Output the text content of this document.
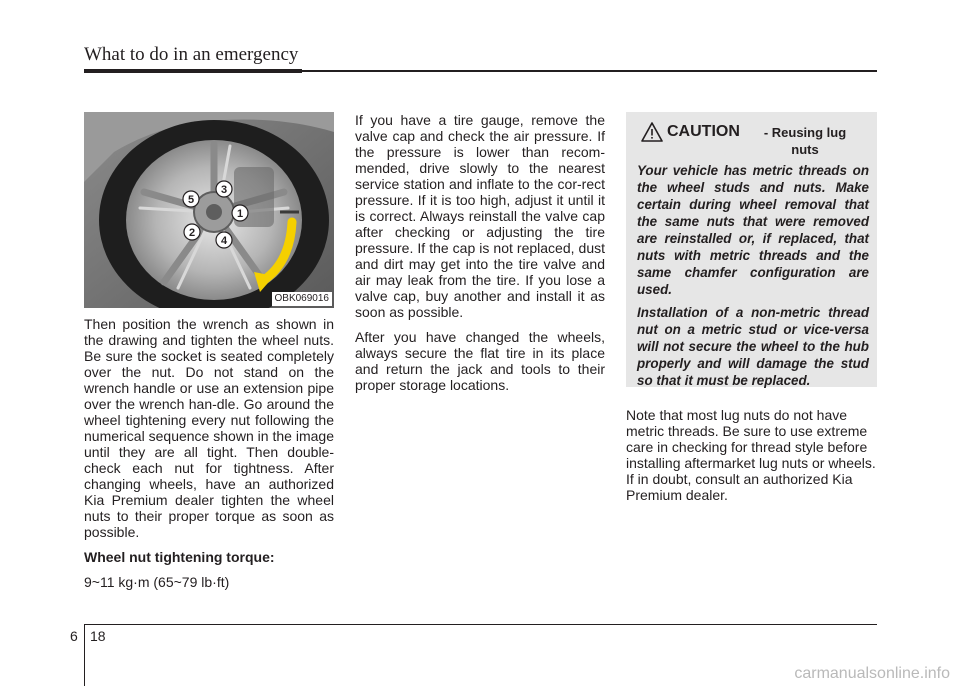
What to do in an emergency
1
2
3
4
5
OBK069016

Then position the wrench as shown in the drawing and tighten the wheel nuts. Be sure the socket is seated completely over the nut. Do not stand on the wrench handle or use an extension pipe over the wrench han-dle. Go around the wheel tightening every nut following the numerical sequence shown in the image until they are all tight. Then double-check each nut for tightness. After changing wheels, have an authorized Kia Premium dealer tighten the wheel nuts to their proper torque as soon as possible.

Wheel nut tightening torque:

9~11 kg·m (65~79 lb·ft)

If you have a tire gauge, remove the valve cap and check the air pressure. If the pressure is lower than recom-mended, drive slowly to the nearest service station and inflate to the cor-rect pressure. If it is too high, adjust it until it is correct. Always reinstall the valve cap after checking or adjusting the tire pressure. If the cap is not replaced, dust and dirt may get into the tire valve and air may leak from the tire. If you lose a valve cap, buy another and install it as soon as possible.

After you have changed the wheels, always secure the flat tire in its place and return the jack and tools to their proper storage locations.

CAUTION	- Reusing lug nuts

Your vehicle has metric threads on the wheel studs and nuts. Make certain during wheel removal that the same nuts that were removed are reinstalled or, if replaced, that nuts with metric threads and the same chamfer configuration are used.

Installation of a non-metric thread nut on a metric stud or vice-versa will not secure the wheel to the hub properly and will damage the stud so that it must be replaced.

Note that most lug nuts do not have metric threads. Be sure to use extreme care in checking for thread style before installing aftermarket lug nuts or wheels. If in doubt, consult an authorized Kia Premium dealer.

6 18
carmanualsonline.info
